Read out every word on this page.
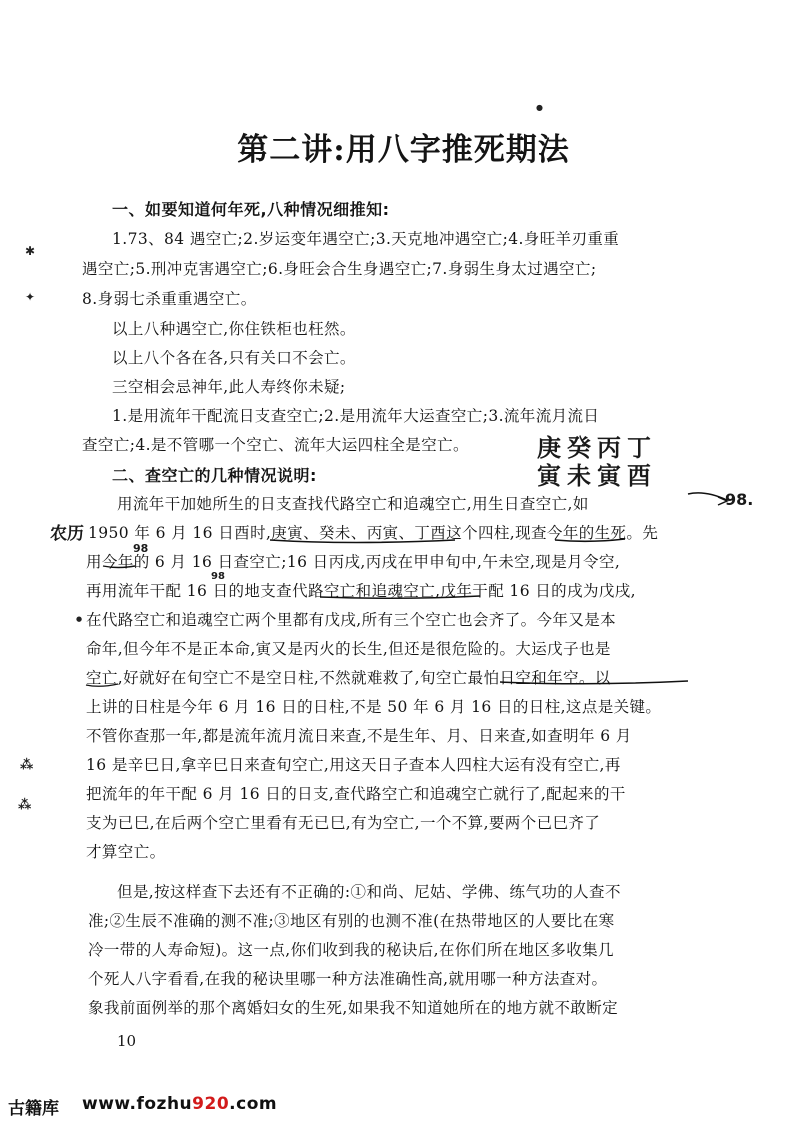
第二讲:用八字推死期法
一、如要知道何年死,八种情况细推知:
1.73、84 遇空亡;2.岁运变年遇空亡;3.天克地冲遇空亡;4.身旺羊刃重重
遇空亡;5.刑冲克害遇空亡;6.身旺会合生身遇空亡;7.身弱生身太过遇空亡;
8.身弱七杀重重遇空亡。
以上八种遇空亡,你住铁柜也枉然。
以上八个各在各,只有关口不会亡。
三空相会忌神年,此人寿终你未疑;
1.是用流年干配流日支查空亡;2.是用流年大运查空亡;3.流年流月流日
查空亡;4.是不管哪一个空亡、流年大运四柱全是空亡。
二、查空亡的几种情况说明:
用流年干加她所生的日支查找代路空亡和追魂空亡,用生日查空亡,如
1950 年 6 月 16 日酉时,庚寅、癸未、丙寅、丁酉这个四柱,现查今年的生死。先
用今年的 6 月 16 日查空亡;16 日丙戌,丙戌在甲申旬中,午未空,现是月令空,
再用流年干配 16 日的地支查代路空亡和追魂空亡,戊年干配 16 日的戌为戊戌,
在代路空亡和追魂空亡两个里都有戊戌,所有三个空亡也会齐了。今年又是本
命年,但今年不是正本命,寅又是丙火的长生,但还是很危险的。大运戊子也是
空亡,好就好在旬空亡不是空日柱,不然就难救了,旬空亡最怕日空和年空。以
上讲的日柱是今年 6 月 16 日的日柱,不是 50 年 6 月 16 日的日柱,这点是关键。
不管你查那一年,都是流年流月流日来查,不是生年、月、日来查,如查明年 6 月
16 是辛巳日,拿辛巳日来查旬空亡,用这天日子查本人四柱大运有没有空亡,再
把流年的年干配 6 月 16 日的日支,查代路空亡和追魂空亡就行了,配起来的干
支为已巳,在后两个空亡里看有无已巳,有为空亡,一个不算,要两个已巳齐了
才算空亡。
但是,按这样查下去还有不正确的:①和尚、尼姑、学佛、练气功的人查不
准;②生辰不准确的测不准;③地区有别的也测不准(在热带地区的人要比在寒
冷一带的人寿命短)。这一点,你们收到我的秘诀后,在你们所在地区多收集几
个死人八字看看,在我的秘诀里哪一种方法准确性高,就用哪一种方法查对。
象我前面例举的那个离婚妇女的生死,如果我不知道她所在的地方就不敢断定
庚癸丙丁
寅未寅酉
农历
98.
98
98
✱
✦
⁂
⁂
●
●
10
古籍库 www.fozhu920.com
